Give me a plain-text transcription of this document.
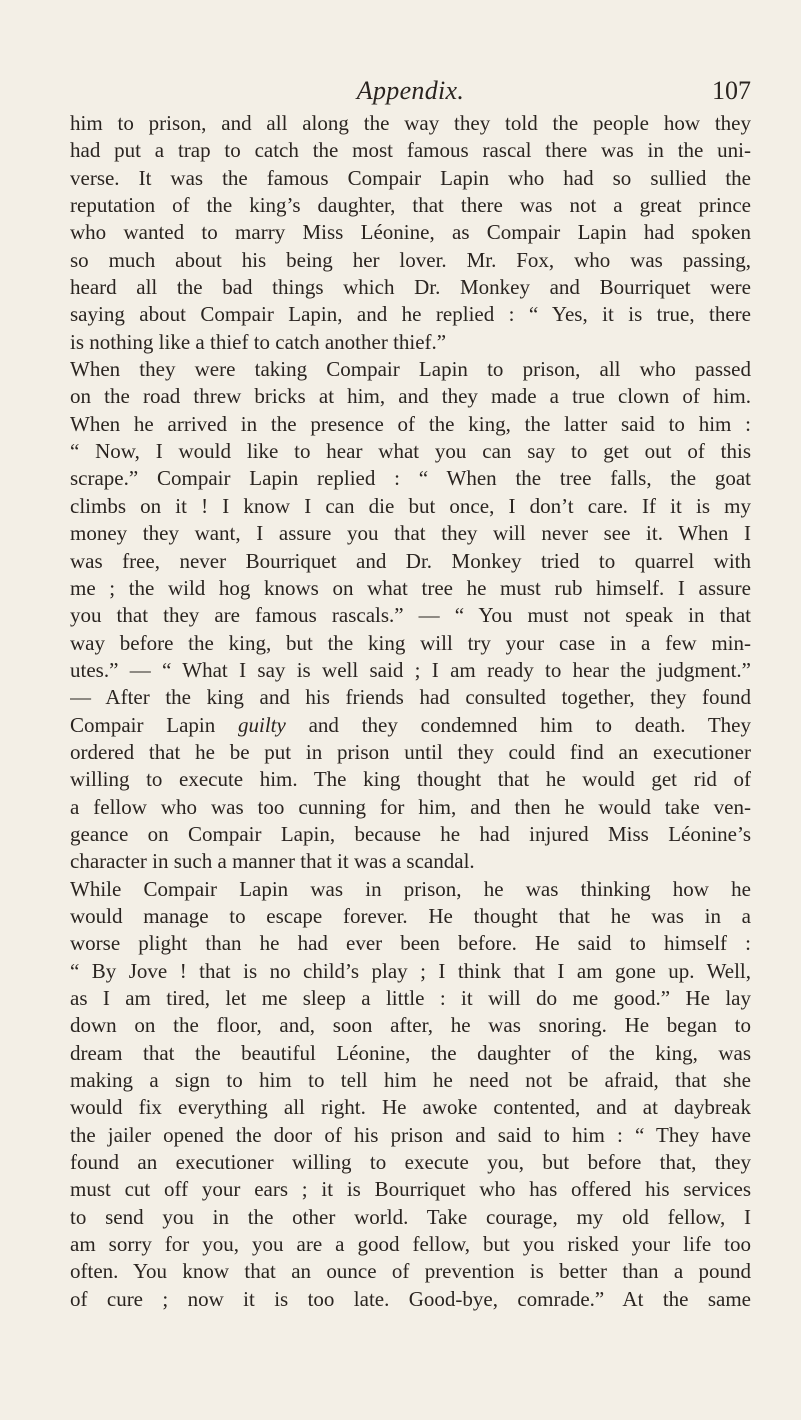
Appendix.	107
him to prison, and all along the way they told the people how they
had put a trap to catch the most famous rascal there was in the uni-
verse. It was the famous Compair Lapin who had so sullied the
reputation of the king’s daughter, that there was not a great prince
who wanted to marry Miss Léonine, as Compair Lapin had spoken
so much about his being her lover. Mr. Fox, who was passing,
heard all the bad things which Dr. Monkey and Bourriquet were
saying about Compair Lapin, and he replied : “ Yes, it is true, there
is nothing like a thief to catch another thief.”
When they were taking Compair Lapin to prison, all who passed
on the road threw bricks at him, and they made a true clown of him.
When he arrived in the presence of the king, the latter said to him :
“ Now, I would like to hear what you can say to get out of this
scrape.” Compair Lapin replied : “ When the tree falls, the goat
climbs on it ! I know I can die but once, I don’t care. If it is my
money they want, I assure you that they will never see it. When I
was free, never Bourriquet and Dr. Monkey tried to quarrel with
me ; the wild hog knows on what tree he must rub himself. I assure
you that they are famous rascals.” — “ You must not speak in that
way before the king, but the king will try your case in a few min-
utes.” — “ What I say is well said ; I am ready to hear the judgment.”
— After the king and his friends had consulted together, they found
Compair Lapin guilty and they condemned him to death. They
ordered that he be put in prison until they could find an executioner
willing to execute him. The king thought that he would get rid of
a fellow who was too cunning for him, and then he would take ven-
geance on Compair Lapin, because he had injured Miss Léonine’s
character in such a manner that it was a scandal.
While Compair Lapin was in prison, he was thinking how he
would manage to escape forever. He thought that he was in a
worse plight than he had ever been before. He said to himself :
“ By Jove ! that is no child’s play ; I think that I am gone up. Well,
as I am tired, let me sleep a little : it will do me good.” He lay
down on the floor, and, soon after, he was snoring. He began to
dream that the beautiful Léonine, the daughter of the king, was
making a sign to him to tell him he need not be afraid, that she
would fix everything all right. He awoke contented, and at daybreak
the jailer opened the door of his prison and said to him : “ They have
found an executioner willing to execute you, but before that, they
must cut off your ears ; it is Bourriquet who has offered his services
to send you in the other world. Take courage, my old fellow, I
am sorry for you, you are a good fellow, but you risked your life too
often. You know that an ounce of prevention is better than a pound
of cure ; now it is too late. Good-bye, comrade.” At the same
